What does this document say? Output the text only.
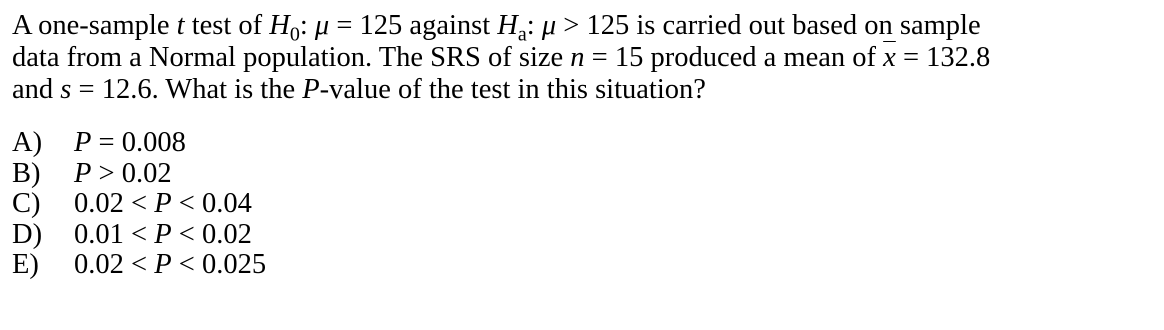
A one-sample t test of $H_0$: μ = 125 against $H_a$: μ > 125 is carried out based on sample
data from a Normal population. The SRS of size n = 15 produced a mean of $\overline{x} = 132.8$
and s = 12.6. What is the P-value of the test in this situation?
A) P = 0.008
B) P > 0.02
C) 0.02 < P < 0.04
D) 0.01 < P < 0.02
E) 0.02 < P < 0.025
